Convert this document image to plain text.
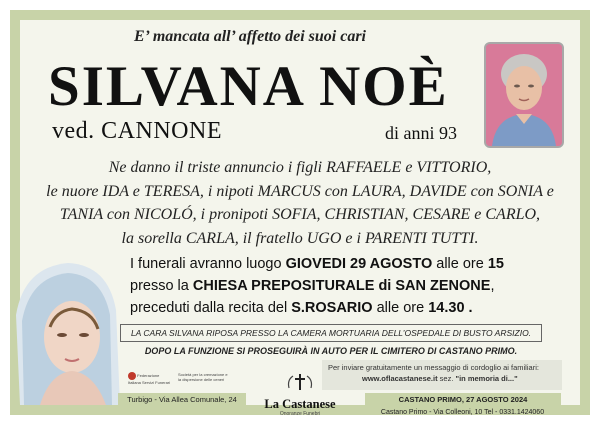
E’ mancata all’ affetto dei suoi cari
SILVANA NOÈ
ved. CANNONE	di anni 93
Ne danno il triste annuncio i figli RAFFAELE e VITTORIO,
le nuore IDA e TERESA, i nipoti MARCUS con LAURA, DAVIDE con SONIA e
TANIA con NICOLÓ, i pronipoti SOFIA, CHRISTIAN, CESARE e CARLO,
la sorella CARLA, il fratello UGO e i PARENTI TUTTI.
I funerali avranno luogo GIOVEDI 29 AGOSTO alle ore 15
presso la CHIESA PREPOSITURALE di SAN ZENONE,
preceduti dalla recita del S.ROSARIO alle ore 14.30 .
LA CARA SILVANA RIPOSA PRESSO LA CAMERA MORTUARIA DELL’OSPEDALE DI BUSTO ARSIZIO.
DOPO LA FUNZIONE SI PROSEGUIRÀ IN AUTO PER IL CIMITERO DI CASTANO PRIMO.
Federazione Italiana Servizi Funerari
Società per la cremazione e la dispersione delle ceneri
Turbigo - Via Allea Comunale, 24	La Castanese
Onoranze Funebri
Per inviare gratuitamente un messaggio di cordoglio ai familiari:
www.oflacastanese.it sez. "in memoria di..."
CASTANO PRIMO, 27 AGOSTO 2024
Castano Primo - Via Colleoni, 10 Tel - 0331.1424060
